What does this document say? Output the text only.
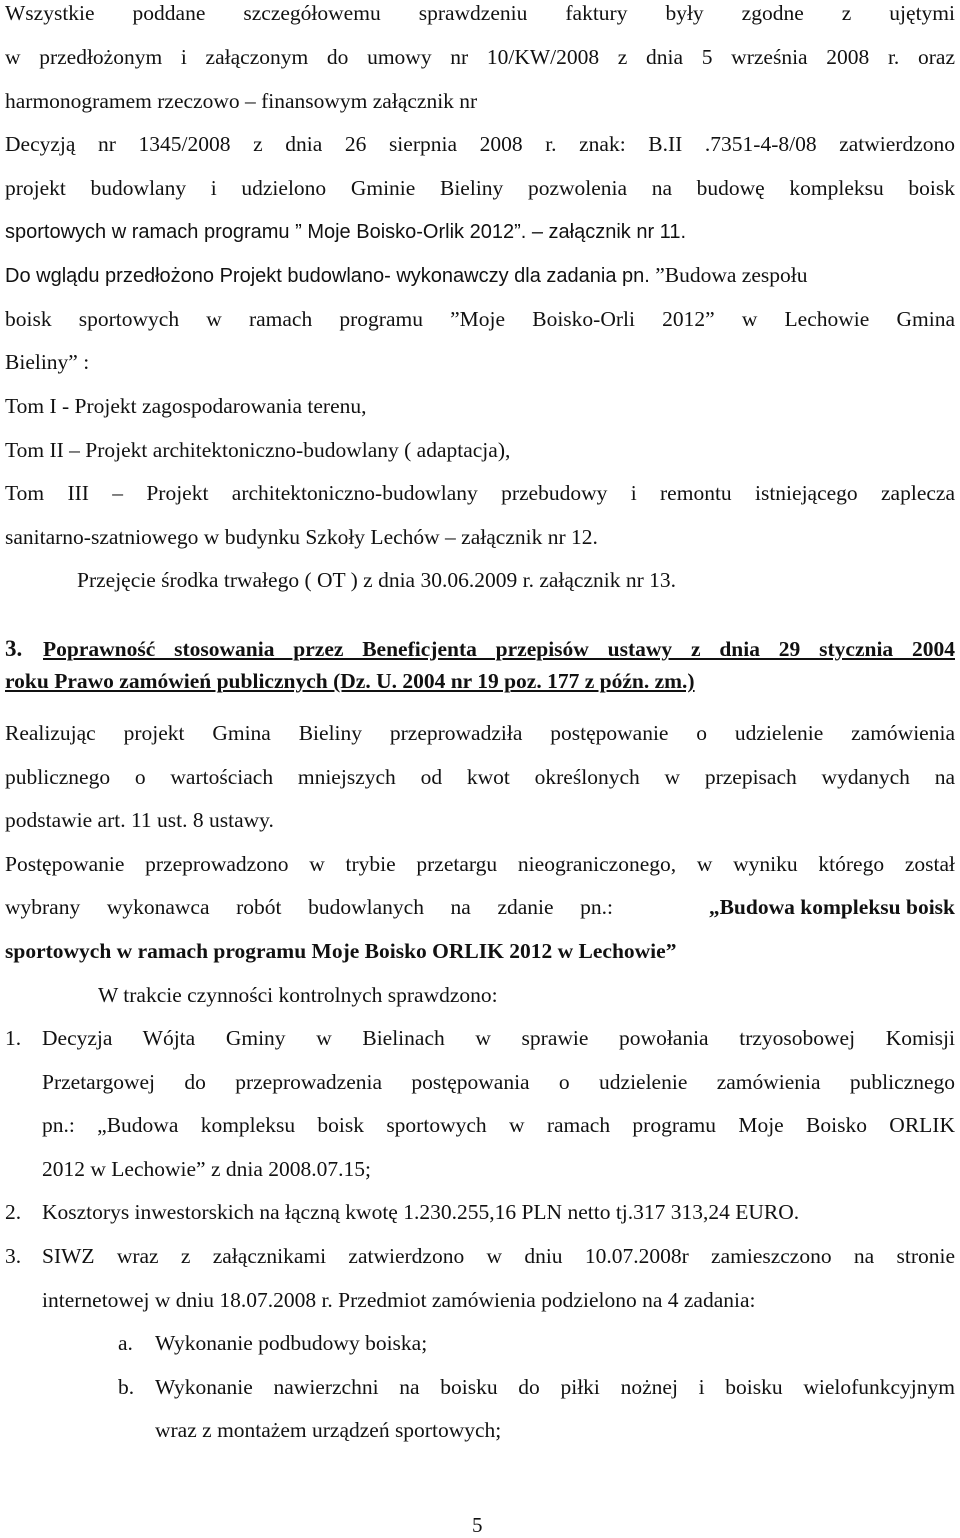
Wszystkie poddane szczegółowemu sprawdzeniu faktury były zgodne z ujętymi
w przedłożonym i załączonym do umowy nr 10/KW/2008 z dnia 5 września 2008 r. oraz
harmonogramem rzeczowo – finansowym załącznik nr
Decyzją nr 1345/2008 z dnia 26 sierpnia 2008 r. znak: B.II .7351-4-8/08 zatwierdzono
projekt budowlany i udzielono Gminie Bieliny pozwolenia na budowę kompleksu boisk
sportowych w ramach programu ” Moje Boisko-Orlik 2012”. – załącznik nr 11.
Do wglądu przedłożono Projekt budowlano- wykonawczy dla zadania pn. ”Budowa zespołu
boisk sportowych w ramach programu ”Moje Boisko-Orli 2012” w Lechowie Gmina
Bieliny” :
Tom I - Projekt zagospodarowania terenu,
Tom II – Projekt architektoniczno-budowlany ( adaptacja),
Tom III – Projekt architektoniczno-budowlany przebudowy i remontu istniejącego zaplecza
sanitarno-szatniowego w budynku Szkoły Lechów – załącznik nr 12.
Przejęcie środka trwałego ( OT ) z dnia 30.06.2009 r. załącznik nr 13.
3. Poprawność stosowania przez Beneficjenta przepisów ustawy z dnia 29 stycznia 2004
roku Prawo zamówień publicznych (Dz. U. 2004 nr 19 poz. 177 z późn. zm.)
Realizując projekt Gmina Bieliny przeprowadziła postępowanie o udzielenie zamówienia
publicznego o wartościach mniejszych od kwot określonych w przepisach wydanych na
podstawie art. 11 ust. 8 ustawy.
Postępowanie przeprowadzono w trybie przetargu nieograniczonego, w wyniku którego został
wybrany wykonawca robót budowlanych na zdanie pn.:	„Budowa kompleksu boisk
sportowych w ramach programu Moje Boisko ORLIK 2012 w Lechowie”
W trakcie czynności kontrolnych sprawdzono:
1. Decyzja Wójta Gminy w Bielinach w sprawie powołania trzyosobowej Komisji
Przetargowej do przeprowadzenia postępowania o udzielenie zamówienia publicznego
pn.: „Budowa kompleksu boisk sportowych w ramach programu Moje Boisko ORLIK
2012 w Lechowie” z dnia 2008.07.15;
2. Kosztorys inwestorskich na łączną kwotę 1.230.255,16 PLN netto tj.317 313,24 EURO.
3. SIWZ wraz z załącznikami zatwierdzono w dniu 10.07.2008r zamieszczono na stronie
internetowej w dniu 18.07.2008 r. Przedmiot zamówienia podzielono na 4 zadania:
a. Wykonanie podbudowy boiska;
b. Wykonanie nawierzchni na boisku do piłki nożnej i boisku wielofunkcyjnym
wraz z montażem urządzeń sportowych;
5
